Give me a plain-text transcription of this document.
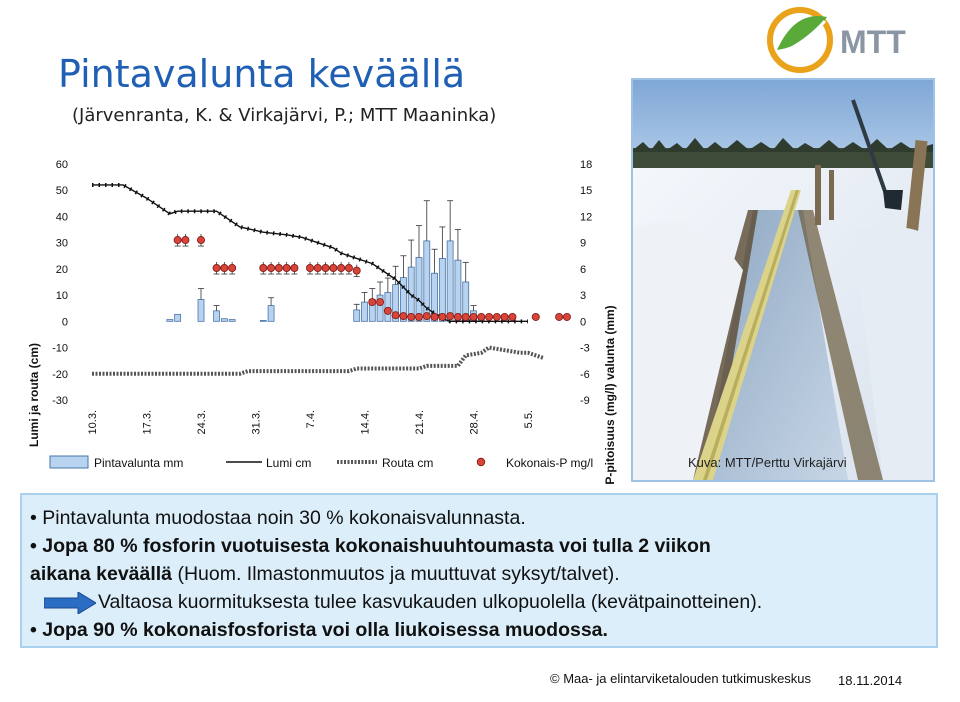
Pintavalunta keväällä
(Järvenranta, K. & Virkajärvi, P.; MTT Maaninka)
MTT
Kuva: MTT/Perttu Virkajärvi
Lumi ja routa (cm)	P-pitoisuus (mg/l) valunta (mm)
60
50
40
30
20
10
0
-10
-20
-30
18
15
12
9
6
3
0
-3
-6
-9
10.3.	17.3.	24.3.	31.3.	7.4.	14.4.	21.4.	28.4.	5.5.
Pintavalunta mm	Lumi cm	Routa cm	Kokonais-P mg/l
• Pintavalunta muodostaa noin 30 % kokonaisvalunnasta.
• Jopa 80 % fosforin vuotuisesta kokonaishuuhtoumasta voi tulla 2 viikon
aikana keväällä (Huom. Ilmastonmuutos ja muuttuvat syksyt/talvet).
Valtaosa kuormituksesta tulee kasvukauden ulkopuolella (kevätpainotteinen).
• Jopa 90 % kokonaisfosforista voi olla liukoisessa muodossa.
© Maa- ja elintarviketalouden tutkimuskeskus 18.11.2014
